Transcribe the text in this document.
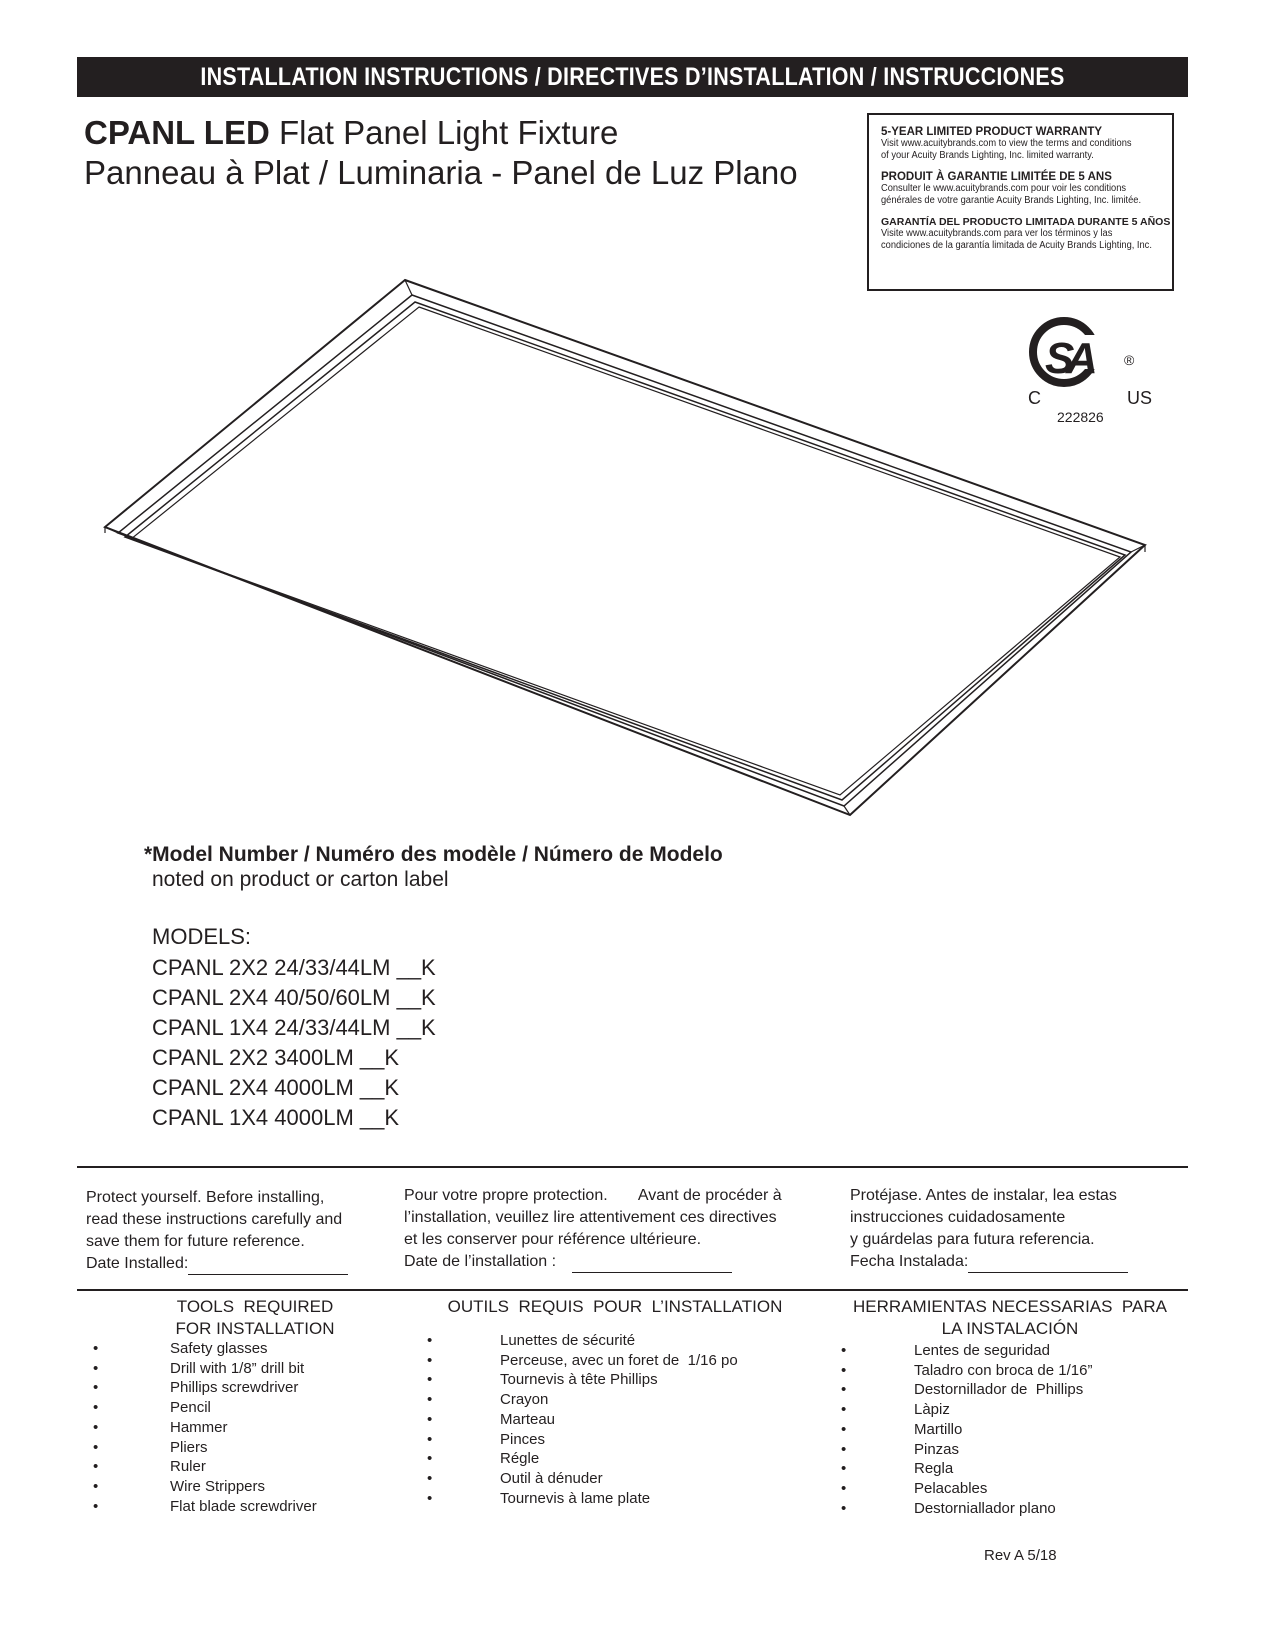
INSTALLATION INSTRUCTIONS / DIRECTIVES D’INSTALLATION / INSTRUCCIONES
CPANL LED Flat Panel Light Fixture
Panneau à Plat / Luminaria - Panel de Luz Plano
5-YEAR LIMITED PRODUCT WARRANTY
Visit www.acuitybrands.com to view the terms and conditions
of your Acuity Brands Lighting, Inc. limited warranty.
PRODUIT À GARANTIE LIMITÉE DE 5 ANS
Consulter le www.acuitybrands.com pour voir les conditions
générales de votre garantie Acuity Brands Lighting, Inc. limitée.
GARANTÍA DEL PRODUCTO LIMITADA DURANTE 5 AÑOS
Visite www.acuitybrands.com para ver los términos y las
condiciones de la garantía limitada de Acuity Brands Lighting, Inc.
S
A
C	US
®
222826
*Model Number / Numéro des modèle / Número de Modelo
noted on product or carton label
MODELS:
CPANL 2X2 24/33/44LM __K
CPANL 2X4 40/50/60LM __K
CPANL 1X4 24/33/44LM __K
CPANL 2X2 3400LM __K
CPANL 2X4 4000LM __K
CPANL 1X4 4000LM __K
Protect yourself. Before installing,
read these instructions carefully and
save them for future reference.
Date Installed:
Pour votre propre protection.       Avant de procéder à
l’installation, veuillez lire attentivement ces directives
et les conserver pour référence ultérieure.
Date de l’installation :
Protéjase. Antes de instalar, lea estas
instrucciones cuidadosamente
y guárdelas para futura referencia.
Fecha Instalada:
TOOLS  REQUIRED
FOR INSTALLATION
OUTILS  REQUIS  POUR  L’INSTALLATION	HERRAMIENTAS NECESSARIAS  PARA
LA INSTALACIÓN
•	Safety glasses
•	Drill with 1/8” drill bit
•	Phillips screwdriver
•	Pencil
•	Hammer
•	Pliers
•	Ruler
•	Wire Strippers
•	Flat blade screwdriver
•	Lunettes de sécurité
•	Perceuse, avec un foret de  1/16 po
•	Tournevis à tête Phillips
•	Crayon
•	Marteau
•	Pinces
•	Régle
•	Outil à dénuder
•	Tournevis à lame plate
•	Lentes de seguridad
•	Taladro con broca de 1/16”
•	Destornillador de  Phillips
•	Làpiz
•	Martillo
•	Pinzas
•	Regla
•	Pelacables
•	Destorniallador plano
Rev A 5/18
